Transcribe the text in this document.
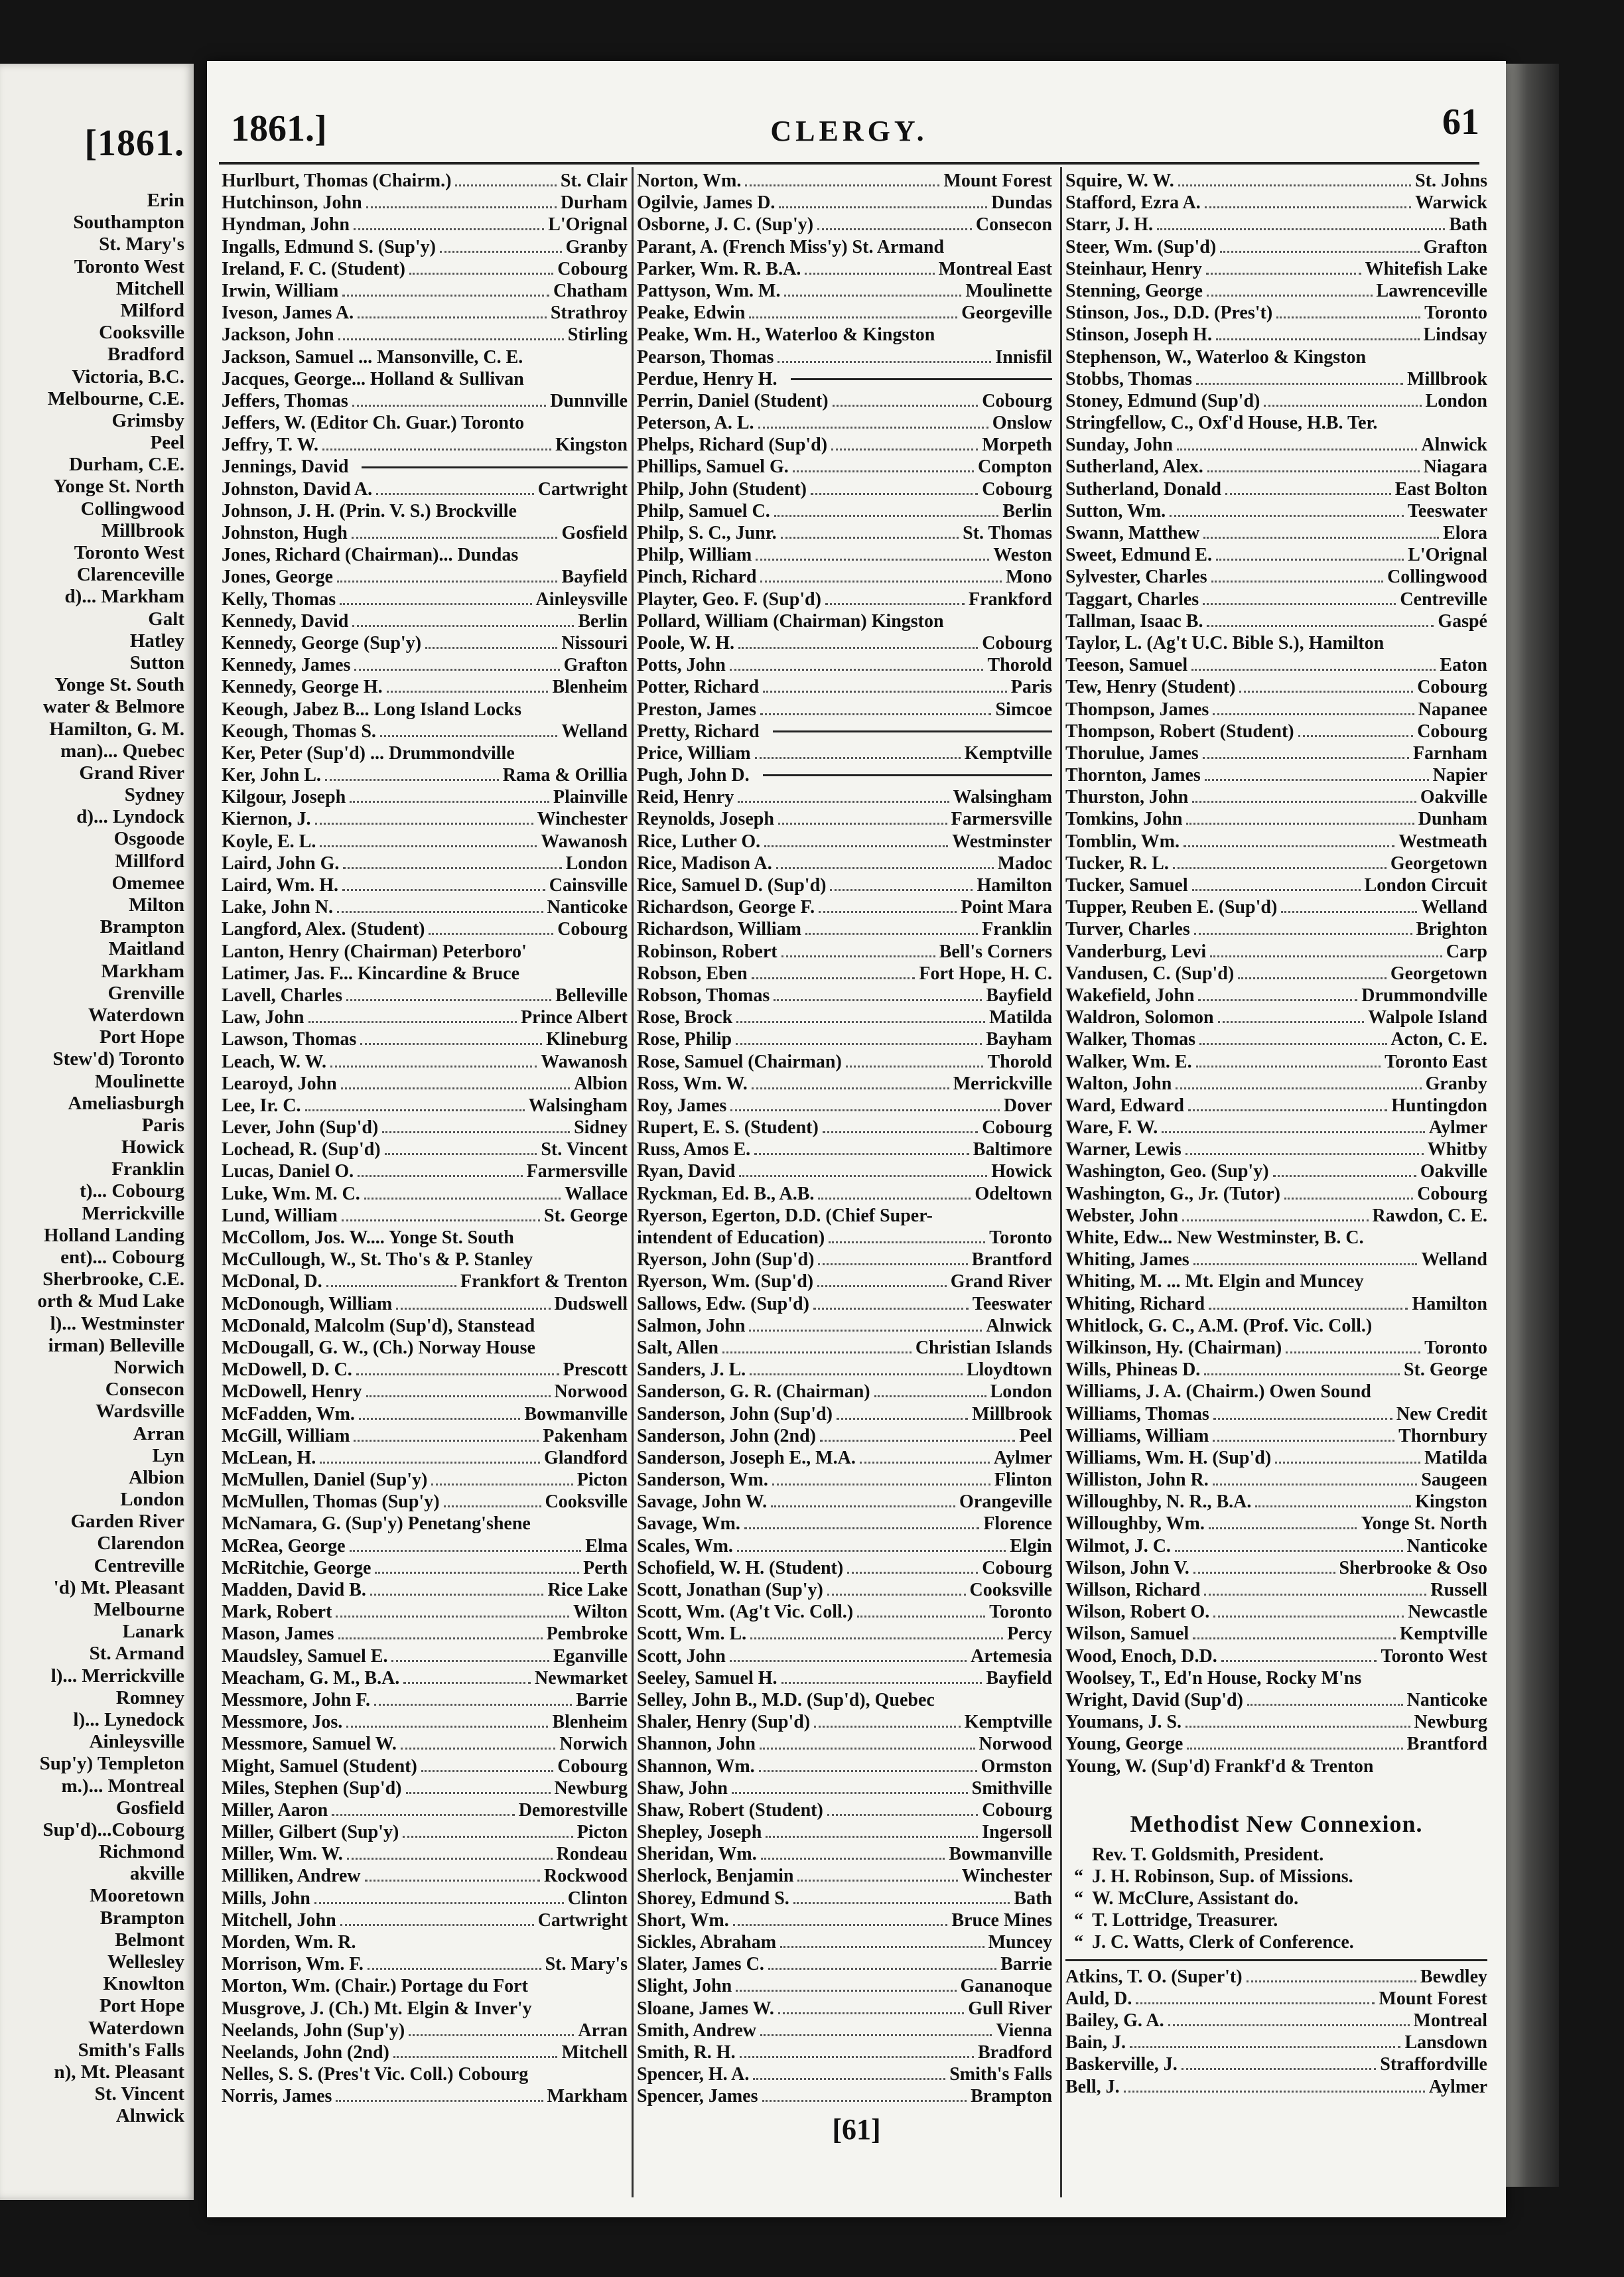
[1861.
Erin
Southampton
St. Mary's
Toronto West
Mitchell
Milford
Cooksville
Bradford
Victoria, B.C.
Melbourne, C.E.
Grimsby
Peel
Durham, C.E.
Yonge St. North
Collingwood
Millbrook
Toronto West
Clarenceville
d)... Markham
Galt
Hatley
Sutton
Yonge St. South
water & Belmore
Hamilton, G. M.
man)... Quebec
Grand River
Sydney
d)... Lyndock
Osgoode
Millford
Omemee
Milton
Brampton
Maitland
Markham
Grenville
Waterdown
Port Hope
Stew'd) Toronto
Moulinette
Ameliasburgh
Paris
Howick
Franklin
t)... Cobourg
Merrickville
Holland Landing
ent)... Cobourg
Sherbrooke, C.E.
orth & Mud Lake
l)... Westminster
irman) Belleville
Norwich
Consecon
Wardsville
Arran
Lyn
Albion
London
Garden River
Clarendon
Centreville
'd) Mt. Pleasant
Melbourne
Lanark
St. Armand
l)... Merrickville
Romney
l)... Lynedock
Ainleysville
Sup'y) Templeton
m.)... Montreal
Gosfield
Sup'd)...Cobourg
Richmond
akville
Mooretown
Brampton
Belmont
Wellesley
Knowlton
Port Hope
Waterdown
Smith's Falls
n), Mt. Pleasant
St. Vincent
Alnwick
1861.]	CLERGY.	61
Hurlburt, Thomas (Chairm.)	St. Clair
Hutchinson, John	Durham
Hyndman, John	L'Orignal
Ingalls, Edmund S. (Sup'y)	Granby
Ireland, F. C. (Student)	Cobourg
Irwin, William	Chatham
Iveson, James A.	Strathroy
Jackson, John	Stirling
Jackson, Samuel ... Mansonville, C. E.
Jacques, George... Holland & Sullivan
Jeffers, Thomas	Dunnville
Jeffers, W. (Editor Ch. Guar.) Toronto
Jeffry, T. W.	Kingston
Jennings, David
Johnston, David A.	Cartwright
Johnson, J. H. (Prin. V. S.) Brockville
Johnston, Hugh	Gosfield
Jones, Richard (Chairman)... Dundas
Jones, George	Bayfield
Kelly, Thomas	Ainleysville
Kennedy, David	Berlin
Kennedy, George (Sup'y)	Nissouri
Kennedy, James	Grafton
Kennedy, George H.	Blenheim
Keough, Jabez B... Long Island Locks
Keough, Thomas S.	Welland
Ker, Peter (Sup'd) ... Drummondville
Ker, John L.	Rama & Orillia
Kilgour, Joseph	Plainville
Kiernon, J.	Winchester
Koyle, E. L.	Wawanosh
Laird, John G.	London
Laird, Wm. H.	Cainsville
Lake, John N.	Nanticoke
Langford, Alex. (Student)	Cobourg
Lanton, Henry (Chairman) Peterboro'
Latimer, Jas. F... Kincardine & Bruce
Lavell, Charles	Belleville
Law, John	Prince Albert
Lawson, Thomas	Klineburg
Leach, W. W.	Wawanosh
Learoyd, John	Albion
Lee, Ir. C.	Walsingham
Lever, John (Sup'd)	Sidney
Lochead, R. (Sup'd)	St. Vincent
Lucas, Daniel O.	Farmersville
Luke, Wm. M. C.	Wallace
Lund, William	St. George
McCollom, Jos. W.... Yonge St. South
McCullough, W., St. Tho's & P. Stanley
McDonal, D.	Frankfort & Trenton
McDonough, William	Dudswell
McDonald, Malcolm (Sup'd), Stanstead
McDougall, G. W., (Ch.) Norway House
McDowell, D. C.	Prescott
McDowell, Henry	Norwood
McFadden, Wm.	Bowmanville
McGill, William	Pakenham
McLean, H.	Glandford
McMullen, Daniel (Sup'y)	Picton
McMullen, Thomas (Sup'y)	Cooksville
McNamara, G. (Sup'y) Penetang'shene
McRea, George	Elma
McRitchie, George	Perth
Madden, David B.	Rice Lake
Mark, Robert	Wilton
Mason, James	Pembroke
Maudsley, Samuel E.	Eganville
Meacham, G. M., B.A.	Newmarket
Messmore, John F.	Barrie
Messmore, Jos.	Blenheim
Messmore, Samuel W.	Norwich
Might, Samuel (Student)	Cobourg
Miles, Stephen (Sup'd)	Newburg
Miller, Aaron	Demorestville
Miller, Gilbert (Sup'y)	Picton
Miller, Wm. W.	Rondeau
Milliken, Andrew	Rockwood
Mills, John	Clinton
Mitchell, John	Cartwright
Morden, Wm. R.
Morrison, Wm. F.	St. Mary's
Morton, Wm. (Chair.) Portage du Fort
Musgrove, J. (Ch.) Mt. Elgin & Inver'y
Neelands, John (Sup'y)	Arran
Neelands, John (2nd)	Mitchell
Nelles, S. S. (Pres't Vic. Coll.) Cobourg
Norris, James	Markham
Norton, Wm.	Mount Forest
Ogilvie, James D.	Dundas
Osborne, J. C. (Sup'y)	Consecon
Parant, A. (French Miss'y) St. Armand
Parker, Wm. R. B.A.	Montreal East
Pattyson, Wm. M.	Moulinette
Peake, Edwin	Georgeville
Peake, Wm. H., Waterloo & Kingston
Pearson, Thomas	Innisfil
Perdue, Henry H.
Perrin, Daniel (Student)	Cobourg
Peterson, A. L.	Onslow
Phelps, Richard (Sup'd)	Morpeth
Phillips, Samuel G.	Compton
Philp, John (Student)	Cobourg
Philp, Samuel C.	Berlin
Philp, S. C., Junr.	St. Thomas
Philp, William	Weston
Pinch, Richard	Mono
Playter, Geo. F. (Sup'd)	Frankford
Pollard, William (Chairman) Kingston
Poole, W. H.	Cobourg
Potts, John	Thorold
Potter, Richard	Paris
Preston, James	Simcoe
Pretty, Richard
Price, William	Kemptville
Pugh, John D.
Reid, Henry	Walsingham
Reynolds, Joseph	Farmersville
Rice, Luther O.	Westminster
Rice, Madison A.	Madoc
Rice, Samuel D. (Sup'd)	Hamilton
Richardson, George F.	Point Mara
Richardson, William	Franklin
Robinson, Robert	Bell's Corners
Robson, Eben	Fort Hope, H. C.
Robson, Thomas	Bayfield
Rose, Brock	Matilda
Rose, Philip	Bayham
Rose, Samuel (Chairman)	Thorold
Ross, Wm. W.	Merrickville
Roy, James	Dover
Rupert, E. S. (Student)	Cobourg
Russ, Amos E.	Baltimore
Ryan, David	Howick
Ryckman, Ed. B., A.B.	Odeltown
Ryerson, Egerton, D.D. (Chief Super-
intendent of Education)	Toronto
Ryerson, John (Sup'd)	Brantford
Ryerson, Wm. (Sup'd)	Grand River
Sallows, Edw. (Sup'd)	Teeswater
Salmon, John	Alnwick
Salt, Allen	Christian Islands
Sanders, J. L.	Lloydtown
Sanderson, G. R. (Chairman)	London
Sanderson, John (Sup'd)	Millbrook
Sanderson, John (2nd)	Peel
Sanderson, Joseph E., M.A.	Aylmer
Sanderson, Wm.	Flinton
Savage, John W.	Orangeville
Savage, Wm.	Florence
Scales, Wm.	Elgin
Schofield, W. H. (Student)	Cobourg
Scott, Jonathan (Sup'y)	Cooksville
Scott, Wm. (Ag't Vic. Coll.)	Toronto
Scott, Wm. L.	Percy
Scott, John	Artemesia
Seeley, Samuel H.	Bayfield
Selley, John B., M.D. (Sup'd), Quebec
Shaler, Henry (Sup'd)	Kemptville
Shannon, John	Norwood
Shannon, Wm.	Ormston
Shaw, John	Smithville
Shaw, Robert (Student)	Cobourg
Shepley, Joseph	Ingersoll
Sheridan, Wm.	Bowmanville
Sherlock, Benjamin	Winchester
Shorey, Edmund S.	Bath
Short, Wm.	Bruce Mines
Sickles, Abraham	Muncey
Slater, James C.	Barrie
Slight, John	Gananoque
Sloane, James W.	Gull River
Smith, Andrew	Vienna
Smith, R. H.	Bradford
Spencer, H. A.	Smith's Falls
Spencer, James	Brampton
Squire, W. W.	St. Johns
Stafford, Ezra A.	Warwick
Starr, J. H.	Bath
Steer, Wm. (Sup'd)	Grafton
Steinhaur, Henry	Whitefish Lake
Stenning, George	Lawrenceville
Stinson, Jos., D.D. (Pres't)	Toronto
Stinson, Joseph H.	Lindsay
Stephenson, W., Waterloo & Kingston
Stobbs, Thomas	Millbrook
Stoney, Edmund (Sup'd)	London
Stringfellow, C., Oxf'd House, H.B. Ter.
Sunday, John	Alnwick
Sutherland, Alex.	Niagara
Sutherland, Donald	East Bolton
Sutton, Wm.	Teeswater
Swann, Matthew	Elora
Sweet, Edmund E.	L'Orignal
Sylvester, Charles	Collingwood
Taggart, Charles	Centreville
Tallman, Isaac B.	Gaspé
Taylor, L. (Ag't U.C. Bible S.), Hamilton
Teeson, Samuel	Eaton
Tew, Henry (Student)	Cobourg
Thompson, James	Napanee
Thompson, Robert (Student)	Cobourg
Thorulue, James	Farnham
Thornton, James	Napier
Thurston, John	Oakville
Tomkins, John	Dunham
Tomblin, Wm.	Westmeath
Tucker, R. L.	Georgetown
Tucker, Samuel	London Circuit
Tupper, Reuben E. (Sup'd)	Welland
Turver, Charles	Brighton
Vanderburg, Levi	Carp
Vandusen, C. (Sup'd)	Georgetown
Wakefield, John	Drummondville
Waldron, Solomon	Walpole Island
Walker, Thomas	Acton, C. E.
Walker, Wm. E.	Toronto East
Walton, John	Granby
Ward, Edward	Huntingdon
Ware, F. W.	Aylmer
Warner, Lewis	Whitby
Washington, Geo. (Sup'y)	Oakville
Washington, G., Jr. (Tutor)	Cobourg
Webster, John	Rawdon, C. E.
White, Edw... New Westminster, B. C.
Whiting, James	Welland
Whiting, M. ... Mt. Elgin and Muncey
Whiting, Richard	Hamilton
Whitlock, G. C., A.M. (Prof. Vic. Coll.)
Wilkinson, Hy. (Chairman)	Toronto
Wills, Phineas D.	St. George
Williams, J. A. (Chairm.) Owen Sound
Williams, Thomas	New Credit
Williams, William	Thornbury
Williams, Wm. H. (Sup'd)	Matilda
Williston, John R.	Saugeen
Willoughby, N. R., B.A.	Kingston
Willoughby, Wm.	Yonge St. North
Wilmot, J. C.	Nanticoke
Wilson, John V.	Sherbrooke & Oso
Willson, Richard	Russell
Wilson, Robert O.	Newcastle
Wilson, Samuel	Kemptville
Wood, Enoch, D.D.	Toronto West
Woolsey, T., Ed'n House, Rocky M'ns
Wright, David (Sup'd)	Nanticoke
Youmans, J. S.	Newburg
Young, George	Brantford
Young, W. (Sup'd) Frankf'd & Trenton
Methodist New Connexion.
Rev. T. Goldsmith, President.
“ J. H. Robinson, Sup. of Missions.
“ W. McClure, Assistant do.
“ T. Lottridge, Treasurer.
“ J. C. Watts, Clerk of Conference.
Atkins, T. O. (Super't)	Bewdley
Auld, D.	Mount Forest
Bailey, G. A.	Montreal
Bain, J.	Lansdown
Baskerville, J.	Straffordville
Bell, J.	Aylmer
[61]
